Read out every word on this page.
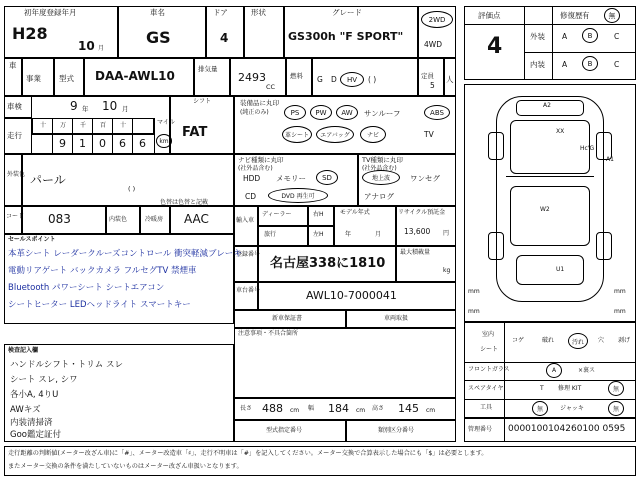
初年度登録年月
H28
10 月
車名
GS
ドア
4
形状	グレード
GS300h "F SPORT"
2WD
4WD
車
事業 型式 DAA-AWL10	排気量
2493
CC
燃料 G D HV ( )	定員
5
人
車検	9 年 10 月
走行
十 万 千 百 十
9 1 0 6 6
マイル
km
シフト
FAT
装備品に丸印
(純正のみ)	PS PW AW サンルーフ	ABS
革シート エアバッグ	ナビ	TV
外装色 パール
( )
色替は色替と記載
ナビ種類に丸印
(社外品含む)
HDD メモリー SD
CD	DVD 再生可
TV種類に丸印
(社外品含む)
地上波	ワンセグ
アナログ
コード 083	内装色	冷暖房 AAC	輸入車
ディーラー
旅行
右H
左H
モデル年式
年	月
リサイクル預託金
13,600 円
登録番号
名古屋338に1810
最大積載量
kg
車台番号	AWL10-7000041
新車保証書	車両取扱
注意事項・不具合箇所
長さ 488 cm 幅 184 cm 高さ 145 cm
型式指定番号	類別区分番号
セールスポイント
本革シート レーダークルーズコントロール 衝突軽減ブレーキ
電動リアゲート バックカメラ フルセグTV 禁煙車
Bluetooth パワーシート シートエアコン
シートヒーター LEDヘッドライト スマートキー
検査記入欄
ハンドルシフト・トリム スレ
シート スレ, シワ
各小A, 4りU
AWキズ
内装清掃済
Goo鑑定証付
評価点
4
修復歴 有	無
外装 A	B	C
内装 A	B	C
A2
XX
Hc'G
A1
W2
U1
mm	mm
mm	mm
室内
シート
コゲ	破れ	汚れ 穴 剥げ
フロントガラス	A	×裏ス
スペアタイヤ	T 修理 KIT	無
工具	無	ジャッキ	無
管理番号 0000100104260100 0595
走行距離の判断値(メーター改ざん車)に「#」、メーター改造車「♯」、走行不明車は「#」を記入してください。メーター交換で合算表示した場合にも「$」は必要とします。
またメーター交換の条件を満たしていないものはメーター改ざん車扱いとなります。
